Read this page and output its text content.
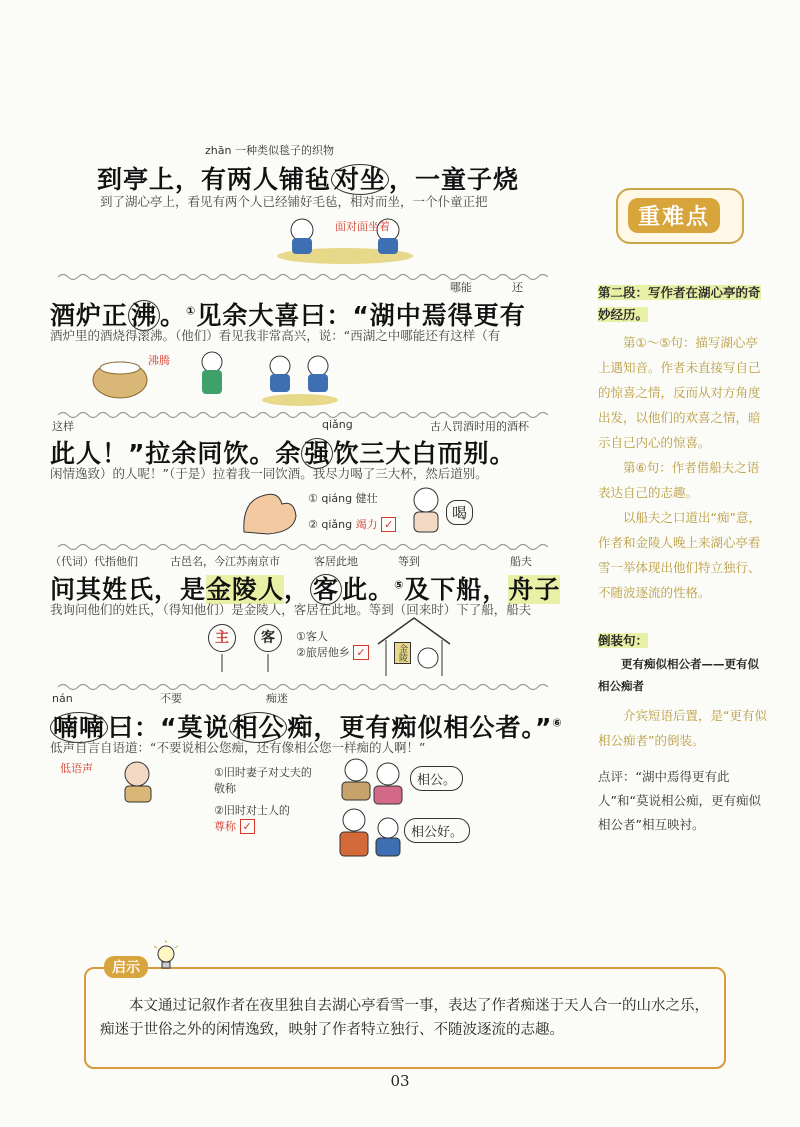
zhān 一种类似毯子的织物
到亭上，有两人铺毡 对坐 ，一童子烧
到了湖心亭上，看见有两个人已经铺好毛毡，相对而坐，一个仆童正把
面对面坐着
哪能	还
酒炉正 沸 。①见余大喜曰：“湖中焉得更有
酒炉里的酒烧得滚沸。（他们）看见我非常高兴，说：“西湖之中哪能还有这样（有
沸腾
这样	qiǎng	古人罚酒时用的酒杯
此人！”拉余同饮。余 强 饮三大白而别。
闲情逸致）的人呢！”（于是）拉着我一同饮酒。我尽力喝了三大杯，然后道别。
① qiáng 健壮
② qiǎng 竭力 ✓
喝
（代词）代指他们	古邑名，今江苏南京市	客居此地	等到	船夫
问其姓氏，是金陵人， 客 此。⑤及下船，舟子
我询问他们的姓氏，（得知他们）是金陵人，客居在此地。等到（回来时）下了船，船夫
主	客	①客人
②旅居他乡 ✓	金陵
nán	不要	痴迷
喃喃 曰：“莫说 相公 痴，更有痴似相公者。”⑥
低声自言自语道：“不要说相公您痴，还有像相公您一样痴的人啊！”
低语声	①旧时妻子对丈夫的敬称
②旧时对士人的
尊称 ✓
相公。
相公好。
重难点
第二段：写作者在湖心亭的奇妙经历。
第①～⑤句：描写湖心亭上遇知音。作者未直接写自己的惊喜之情，反而从对方角度出发，以他们的欢喜之情，暗示自己内心的惊喜。
第⑥句：作者借船夫之语表达自己的志趣。
以船夫之口道出“痴”意，作者和金陵人晚上来湖心亭看雪一举体现出他们特立独行、不随波逐流的性格。
倒装句：
更有痴似相公者——更有似相公痴者
介宾短语后置，是“更有似相公痴者”的倒装。
点评：“湖中焉得更有此人”和“莫说相公痴，更有痴似相公者”相互映衬。
启示
本文通过记叙作者在夜里独自去湖心亭看雪一事，表达了作者痴迷于天人合一的山水之乐，痴迷于世俗之外的闲情逸致，映射了作者特立独行、不随波逐流的志趣。
03
